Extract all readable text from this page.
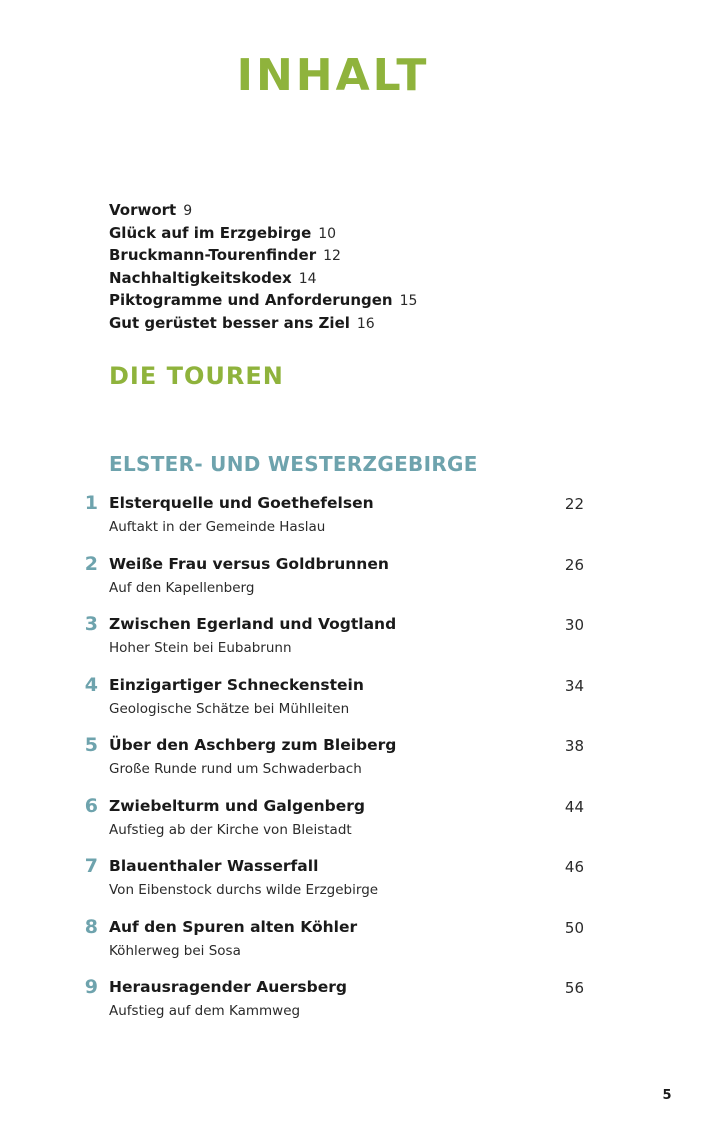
INHALT
Vorwort 9
Glück auf im Erzgebirge 10
Bruckmann-Tourenfinder 12
Nachhaltigkeitskodex 14
Piktogramme und Anforderungen 15
Gut gerüstet besser ans Ziel 16
DIE TOUREN
ELSTER- UND WESTERZGEBIRGE
1 Elsterquelle und Goethefelsen
Auftakt in der Gemeinde Haslau
22
2 Weiße Frau versus Goldbrunnen
Auf den Kapellenberg
26
3 Zwischen Egerland und Vogtland
Hoher Stein bei Eubabrunn
30
4 Einzigartiger Schneckenstein
Geologische Schätze bei Mühlleiten
34
5 Über den Aschberg zum Bleiberg
Große Runde rund um Schwaderbach
38
6 Zwiebelturm und Galgenberg
Aufstieg ab der Kirche von Bleistadt
44
7 Blauenthaler Wasserfall
Von Eibenstock durchs wilde Erzgebirge
46
8 Auf den Spuren alten Köhler
Köhlerweg bei Sosa
50
9 Herausragender Auersberg
Aufstieg auf dem Kammweg
56
5
